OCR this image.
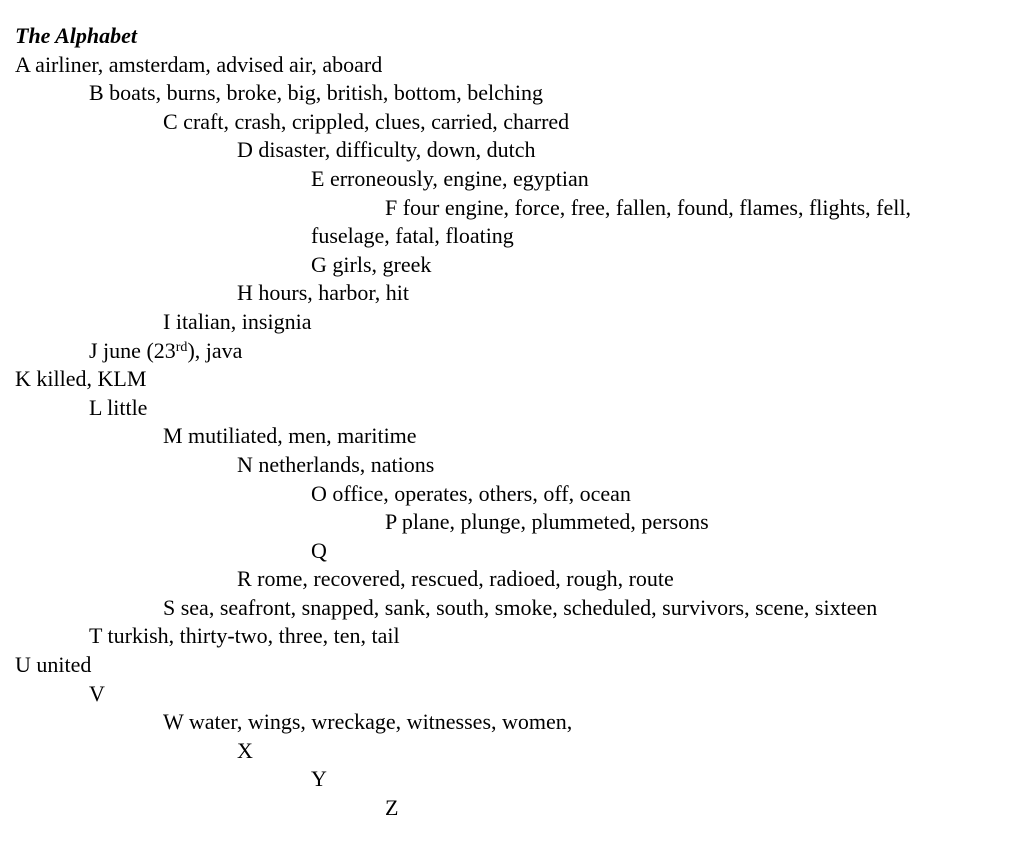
The Alphabet
A airliner, amsterdam, advised air, aboard
B boats, burns, broke, big, british, bottom, belching
C craft, crash, crippled, clues, carried, charred
D disaster, difficulty, down, dutch
E erroneously, engine, egyptian
F four engine, force, free, fallen, found, flames, flights, fell,
fuselage, fatal, floating
G girls, greek
H hours, harbor, hit
I italian, insignia
J june (23rd), java
K killed, KLM
L little
M mutiliated, men, maritime
N netherlands, nations
O office, operates, others, off, ocean
P plane, plunge, plummeted, persons
Q
R rome, recovered, rescued, radioed, rough, route
S sea, seafront, snapped, sank, south, smoke, scheduled, survivors, scene, sixteen
T turkish, thirty-two, three, ten, tail
U united
V
W water, wings, wreckage, witnesses, women,
X
Y
Z
